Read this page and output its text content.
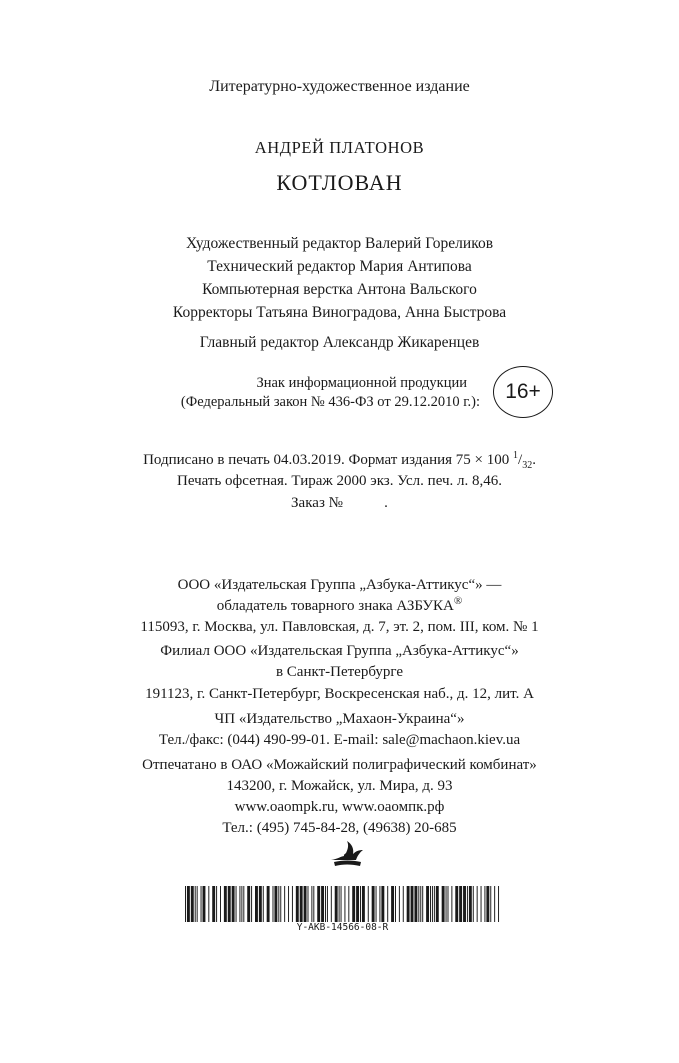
Литературно-художественное издание
АНДРЕЙ ПЛАТОНОВ
КОТЛОВАН
Художественный редактор Валерий Гореликов
Технический редактор Мария Антипова
Компьютерная верстка Антона Вальского
Корректоры Татьяна Виноградова, Анна Быстрова
Главный редактор Александр Жикаренцев
Знак информационной продукции
(Федеральный закон № 436-ФЗ от 29.12.2010 г.):	16+
Подписано в печать 04.03.2019. Формат издания 75 × 100 $^1/_{32}$.
Печать офсетная. Тираж 2000 экз. Усл. печ. л. 8,46.
Заказ №           .
ООО «Издательская Группа „Азбука-Аттикус“» —
обладатель товарного знака АЗБУКА®
115093, г. Москва, ул. Павловская, д. 7, эт. 2, пом. III, ком. № 1
Филиал ООО «Издательская Группа „Азбука-Аттикус“»
в Санкт-Петербурге
191123, г. Санкт-Петербург, Воскресенская наб., д. 12, лит. А
ЧП «Издательство „Махаон-Украина“»
Тел./факс: (044) 490-99-01. E-mail: sale@machaon.kiev.ua
Отпечатано в ОАО «Можайский полиграфический комбинат»
143200, г. Можайск, ул. Мира, д. 93
www.oaompk.ru, www.оаомпк.рф
Тел.: (495) 745-84-28, (49638) 20-685
Y-AKB-14566-08-R
